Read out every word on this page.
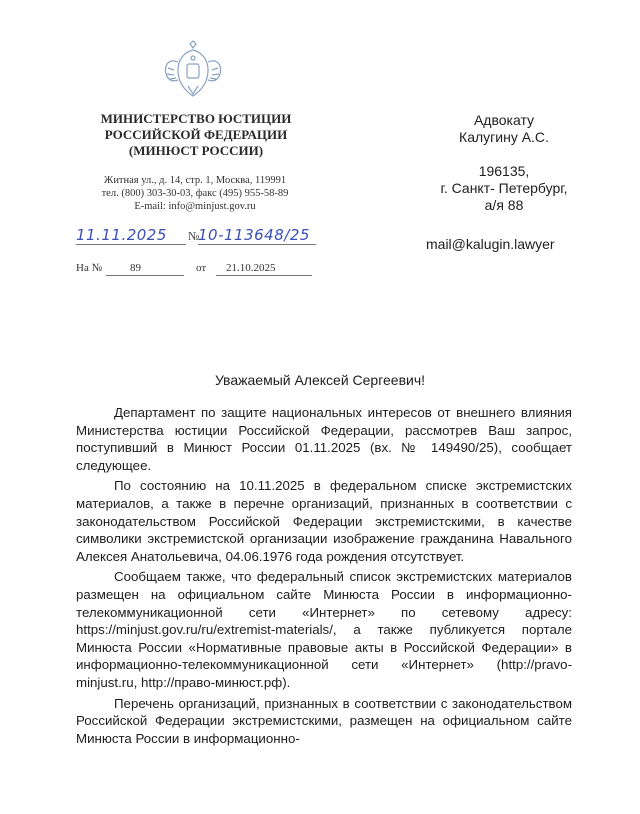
МИНИСТЕРСТВО ЮСТИЦИИ
РОССИЙСКОЙ ФЕДЕРАЦИИ
(МИНЮСТ РОССИИ)
Житная ул., д. 14, стр. 1, Москва, 119991
тел. (800) 303-30-03, факс (495) 955-58-89
E-mail: info@minjust.gov.ru
11.11.2025 №
10-113648/25
На №	89	от 21.10.2025
Адвокату
Калугину А.С.
196135,
г. Санкт- Петербург,
а/я 88
mail@kalugin.lawyer
Уважаемый Алексей Сергеевич!

Департамент по защите национальных интересов от внешнего влияния Министерства юстиции Российской Федерации, рассмотрев Ваш запрос, поступивший в Минюст России 01.11.2025 (вх. № 149490/25), сообщает следующее.

По состоянию на 10.11.2025 в федеральном списке экстремистских материалов, а также в перечне организаций, признанных в соответствии с законодательством Российской Федерации экстремистскими, в качестве символики экстремистской организации изображение гражданина Навального Алексея Анатольевича, 04.06.1976 года рождения отсутствует.

Сообщаем также, что федеральный список экстремистских материалов размещен на официальном сайте Минюста России в информационно-телекоммуникационной сети «Интернет» по сетевому адресу: https://minjust.gov.ru/ru/extremist-materials/, а также публикуется портале Минюста России «Нормативные правовые акты в Российской Федерации» в информационно-телекоммуникационной сети «Интернет» (http://pravo-minjust.ru, http://право-минюст.рф).

Перечень организаций, признанных в соответствии с законодательством Российской Федерации экстремистскими, размещен на официальном сайте Минюста России в информационно-
